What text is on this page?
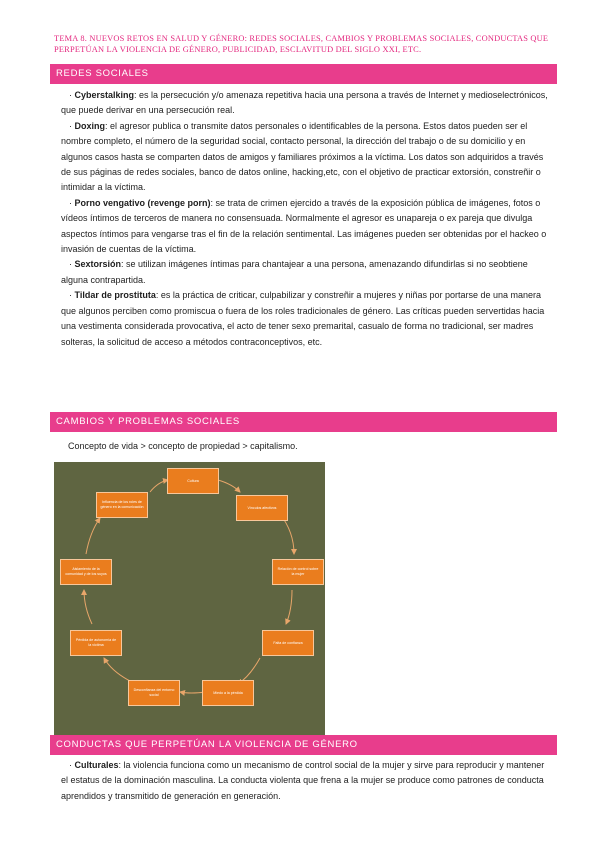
TEMA 8. NUEVOS RETOS EN SALUD Y GÉNERO: REDES SOCIALES, CAMBIOS Y PROBLEMAS SOCIALES, CONDUCTAS QUE PERPETÚAN LA VIOLENCIA DE GÉNERO, PUBLICIDAD, ESCLAVITUD DEL SIGLO XXI, ETC.
REDES SOCIALES

· Cyberstalking: es la persecución y/o amenaza repetitiva hacia una persona a través de Internet y medioselectrónicos, que puede derivar en una persecución real.

· Doxing: el agresor publica o transmite datos personales o identificables de la persona. Estos datos pueden ser el nombre completo, el número de la seguridad social, contacto personal, la dirección del trabajo o de su domicilio y en algunos casos hasta se comparten datos de amigos y familiares próximos a la víctima. Los datos son adquiridos a través de sus páginas de redes sociales, banco de datos online, hacking,etc, con el objetivo de practicar extorsión, constreñir o intimidar a la víctima.

· Porno vengativo (revenge porn): se trata de crimen ejercido a través de la exposición pública de imágenes, fotos o vídeos íntimos de terceros de manera no consensuada. Normalmente el agresor es unapareja o ex pareja que divulga aspectos íntimos para vengarse tras el fin de la relación sentimental. Las imágenes pueden ser obtenidas por el hackeo o invasión de cuentas de la víctima.

· Sextorsión: se utilizan imágenes íntimas para chantajear a una persona, amenazando difundirlas si no seobtiene alguna contrapartida.

· Tildar de prostituta: es la práctica de criticar, culpabilizar y constreñir a mujeres y niñas por portarse de una manera que algunos perciben como promiscua o fuera de los roles tradicionales de género. Las críticas pueden servertidas hacia una vestimenta considerada provocativa, el acto de tener sexo premarital, casualo de forma no tradicional, ser madres solteras, la solicitud de acceso a métodos contraconceptivos, etc.

CAMBIOS Y PROBLEMAS SOCIALES
Concepto de vida > concepto de propiedad > capitalismo.
Cultura
Vínculos afectivos
Relación de control sobre la mujer
Falta de confianza
Miedo a la pérdida
Desconfianza del entorno social
Pérdida de autonomía de la víctima
Aislamiento de la comunidad y de los suyos
Influencia de los roles de género en la comunicación
CONDUCTAS QUE PERPETÚAN LA VIOLENCIA DE GÉNERO

· Culturales: la violencia funciona como un mecanismo de control social de la mujer y sirve para reproducir y mantener el estatus de la dominación masculina. La conducta violenta que frena a la mujer se produce como patrones de conducta aprendidos y transmitido de generación en generación.
